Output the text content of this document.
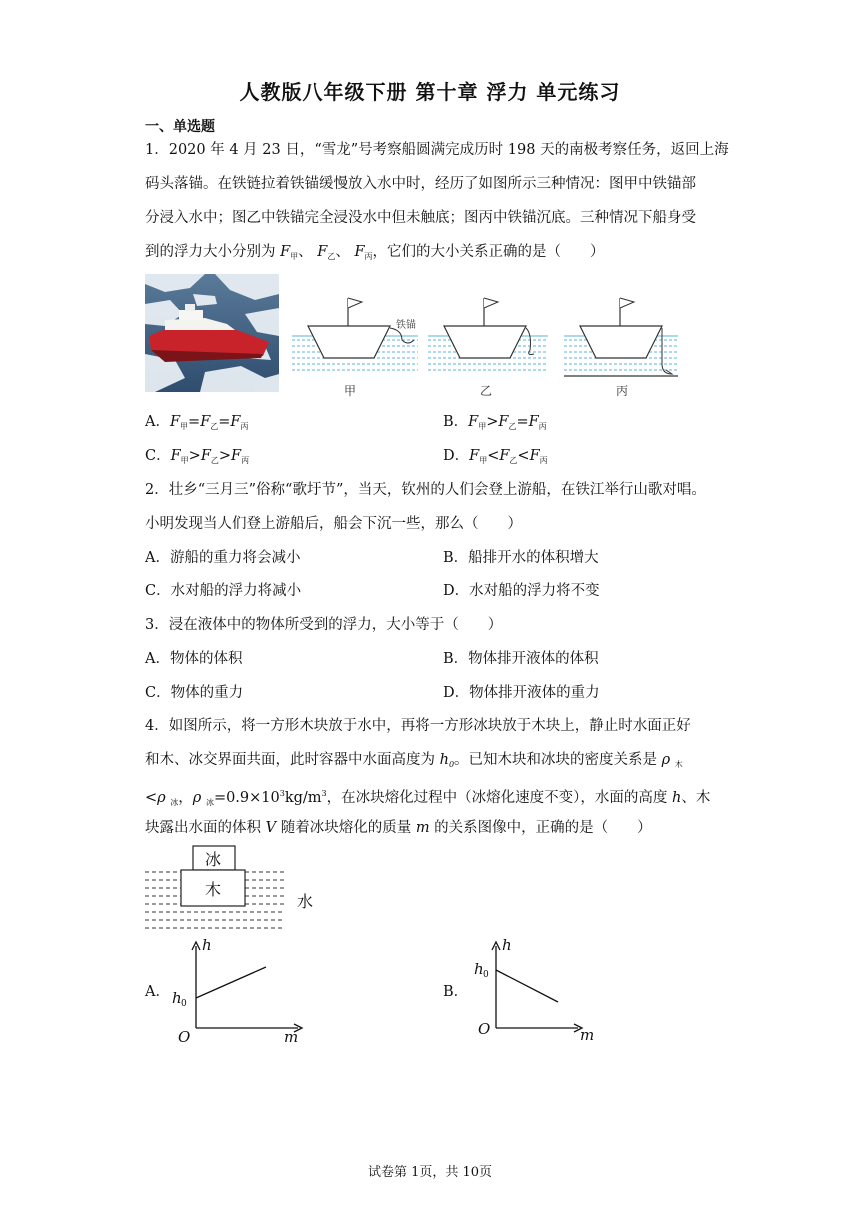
人教版八年级下册 第十章 浮力 单元练习
一、单选题
1．2020 年 4 月 23 日，“雪龙”号考察船圆满完成历时 198 天的南极考察任务，返回上海
码头落锚。在铁链拉着铁锚缓慢放入水中时，经历了如图所示三种情况：图甲中铁锚部
分浸入水中；图乙中铁锚完全浸没水中但未触底；图丙中铁锚沉底。三种情况下船身受
到的浮力大小分别为 $F_甲$、 $F_乙$、 $F_丙$，它们的大小关系正确的是（　　）
铁锚
甲	乙	丙
A．$F_甲=F_乙=F_丙$	B．$F_甲>F_乙=F_丙$
C．$F_甲>F_乙>F_丙$	D．$F_甲<F_乙<F_丙$
2．壮乡“三月三”俗称“歌圩节”，当天，钦州的人们会登上游船，在铁江举行山歌对唱。
小明发现当人们登上游船后，船会下沉一些，那么（　　）
A．游船的重力将会减小	B．船排开水的体积增大
C．水对船的浮力将减小	D．水对船的浮力将不变
3．浸在液体中的物体所受到的浮力，大小等于（　　）
A．物体的体积	B．物体排开液体的体积
C．物体的重力	D．物体排开液体的重力
4．如图所示，将一方形木块放于水中，再将一方形冰块放于木块上，静止时水面正好
和木、冰交界面共面，此时容器中水面高度为 $h_0$。已知木块和冰块的密度关系是 ρ $_木$
<ρ $_冰$，ρ $_冰=0.9\times 10^3kg/m^3$，在冰块熔化过程中（冰熔化速度不变），水面的高度 h、木
块露出水面的体积 V 随着冰块熔化的质量 m 的关系图像中，正确的是（　　）
冰
木
水
A．
h
m
O
h 0
B．
h
m
O
h 0
试卷第 1页，共 10页
